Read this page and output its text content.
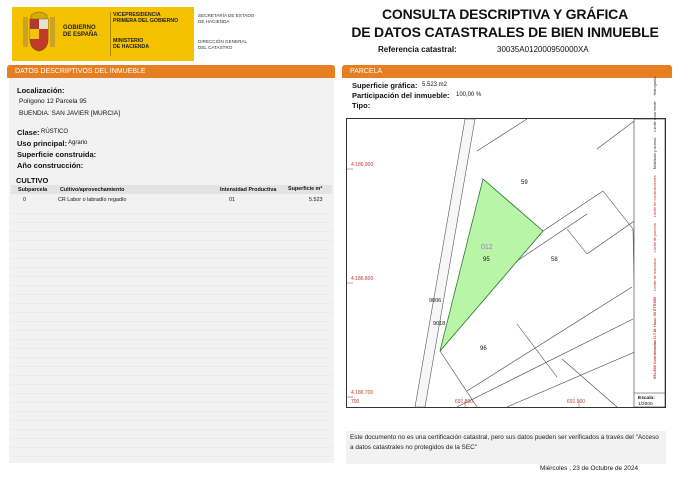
GOBIERNO
DE ESPAÑA
VICEPRESIDENCIA
PRIMERA DEL GOBIERNO
MINISTERIO
DE HACIENDA
SECRETARÍA DE ESTADO
DE HACIENDA
DIRECCIÓN GENERAL
DEL CATASTRO
CONSULTA DESCRIPTIVA Y GRÁFICA
DE DATOS CATASTRALES DE BIEN INMUEBLE
Referencia catastral:	30035A012000950000XA
DATOS DESCRIPTIVOS DEL INMUEBLE
Localización:
Polígono 12 Parcela 95
BUENDIA. SAN JAVIER [MURCIA]
Clase: RÚSTICO
Uso principal: Agrario
Superficie construida:
Año construcción:
CULTIVO
Subparcela Cultivo/aprovechamiento	Intensidad Productiva Superficie m²
0	CR Labor o labradío regadío	01	5.523
PARCELA
Superficie gráfica: 5.523 m2
Participación del inmueble: 100,00 %
Tipo:
4.186.900
4.186.800
4.186.700
700	691.800	691.900
59
012
95	58
9006
9018
96	691.800 Coordenadas U.T.M. Huso 30 ETRS89
Límite de manzana
Límite de parcela
Límite de construcciones
Mobiliario y aceras
Límite zona verde
Hidrografía
Escala:
1/2000
Este documento no es una certificación catastral, pero sus datos pueden ser verificados a través del "Acceso a datos catastrales no protegidos de la SEC"
Miércoles , 23 de Octubre de 2024
